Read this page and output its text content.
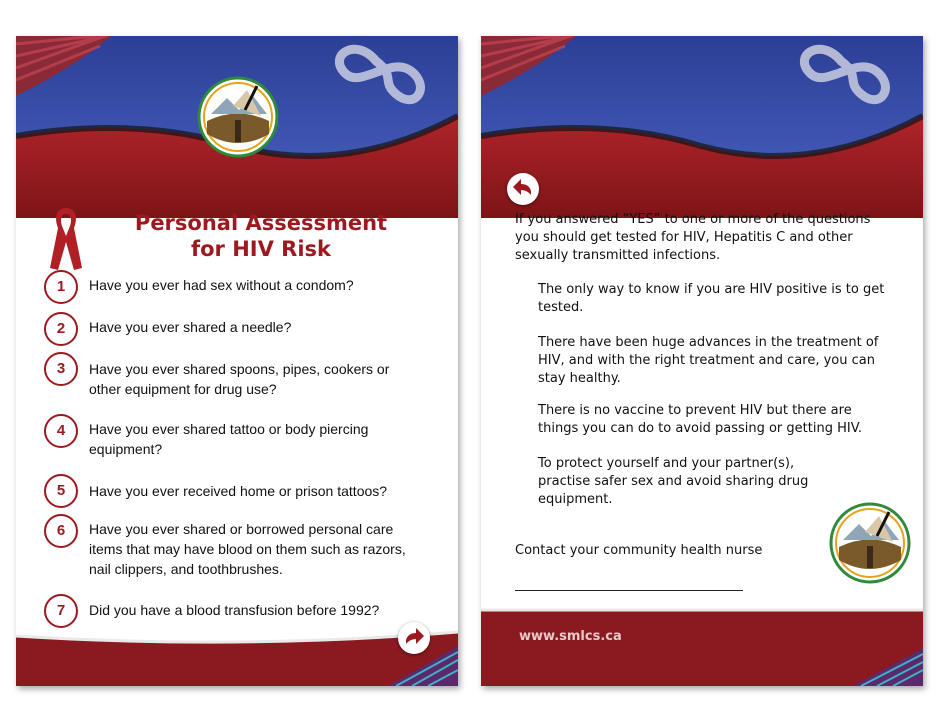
Personal Assessment
for HIV Risk
1	Have you ever had sex without a condom?
2	Have you ever shared a needle?
3	Have you ever shared spoons, pipes, cookers or other equipment for drug use?
4	Have you ever shared tattoo or body piercing equipment?
5	Have you ever received home or prison tattoos?
6	Have you ever shared or borrowed personal care items that may have blood on them such as razors, nail clippers, and toothbrushes.
7	Did you have a blood transfusion before 1992?
If you answered “YES” to one or more of the questions you should get tested for HIV, Hepatitis C and other sexually transmitted infections.
The only way to know if you are HIV positive is to get tested.
There have been huge advances in the treatment of HIV, and with the right treatment and care, you can stay healthy.
There is no vaccine to prevent HIV but there are things you can do to avoid passing or getting HIV.
To protect yourself and your partner(s), practise safer sex and avoid sharing drug equipment.
Contact your community health nurse
www.smlcs.ca
